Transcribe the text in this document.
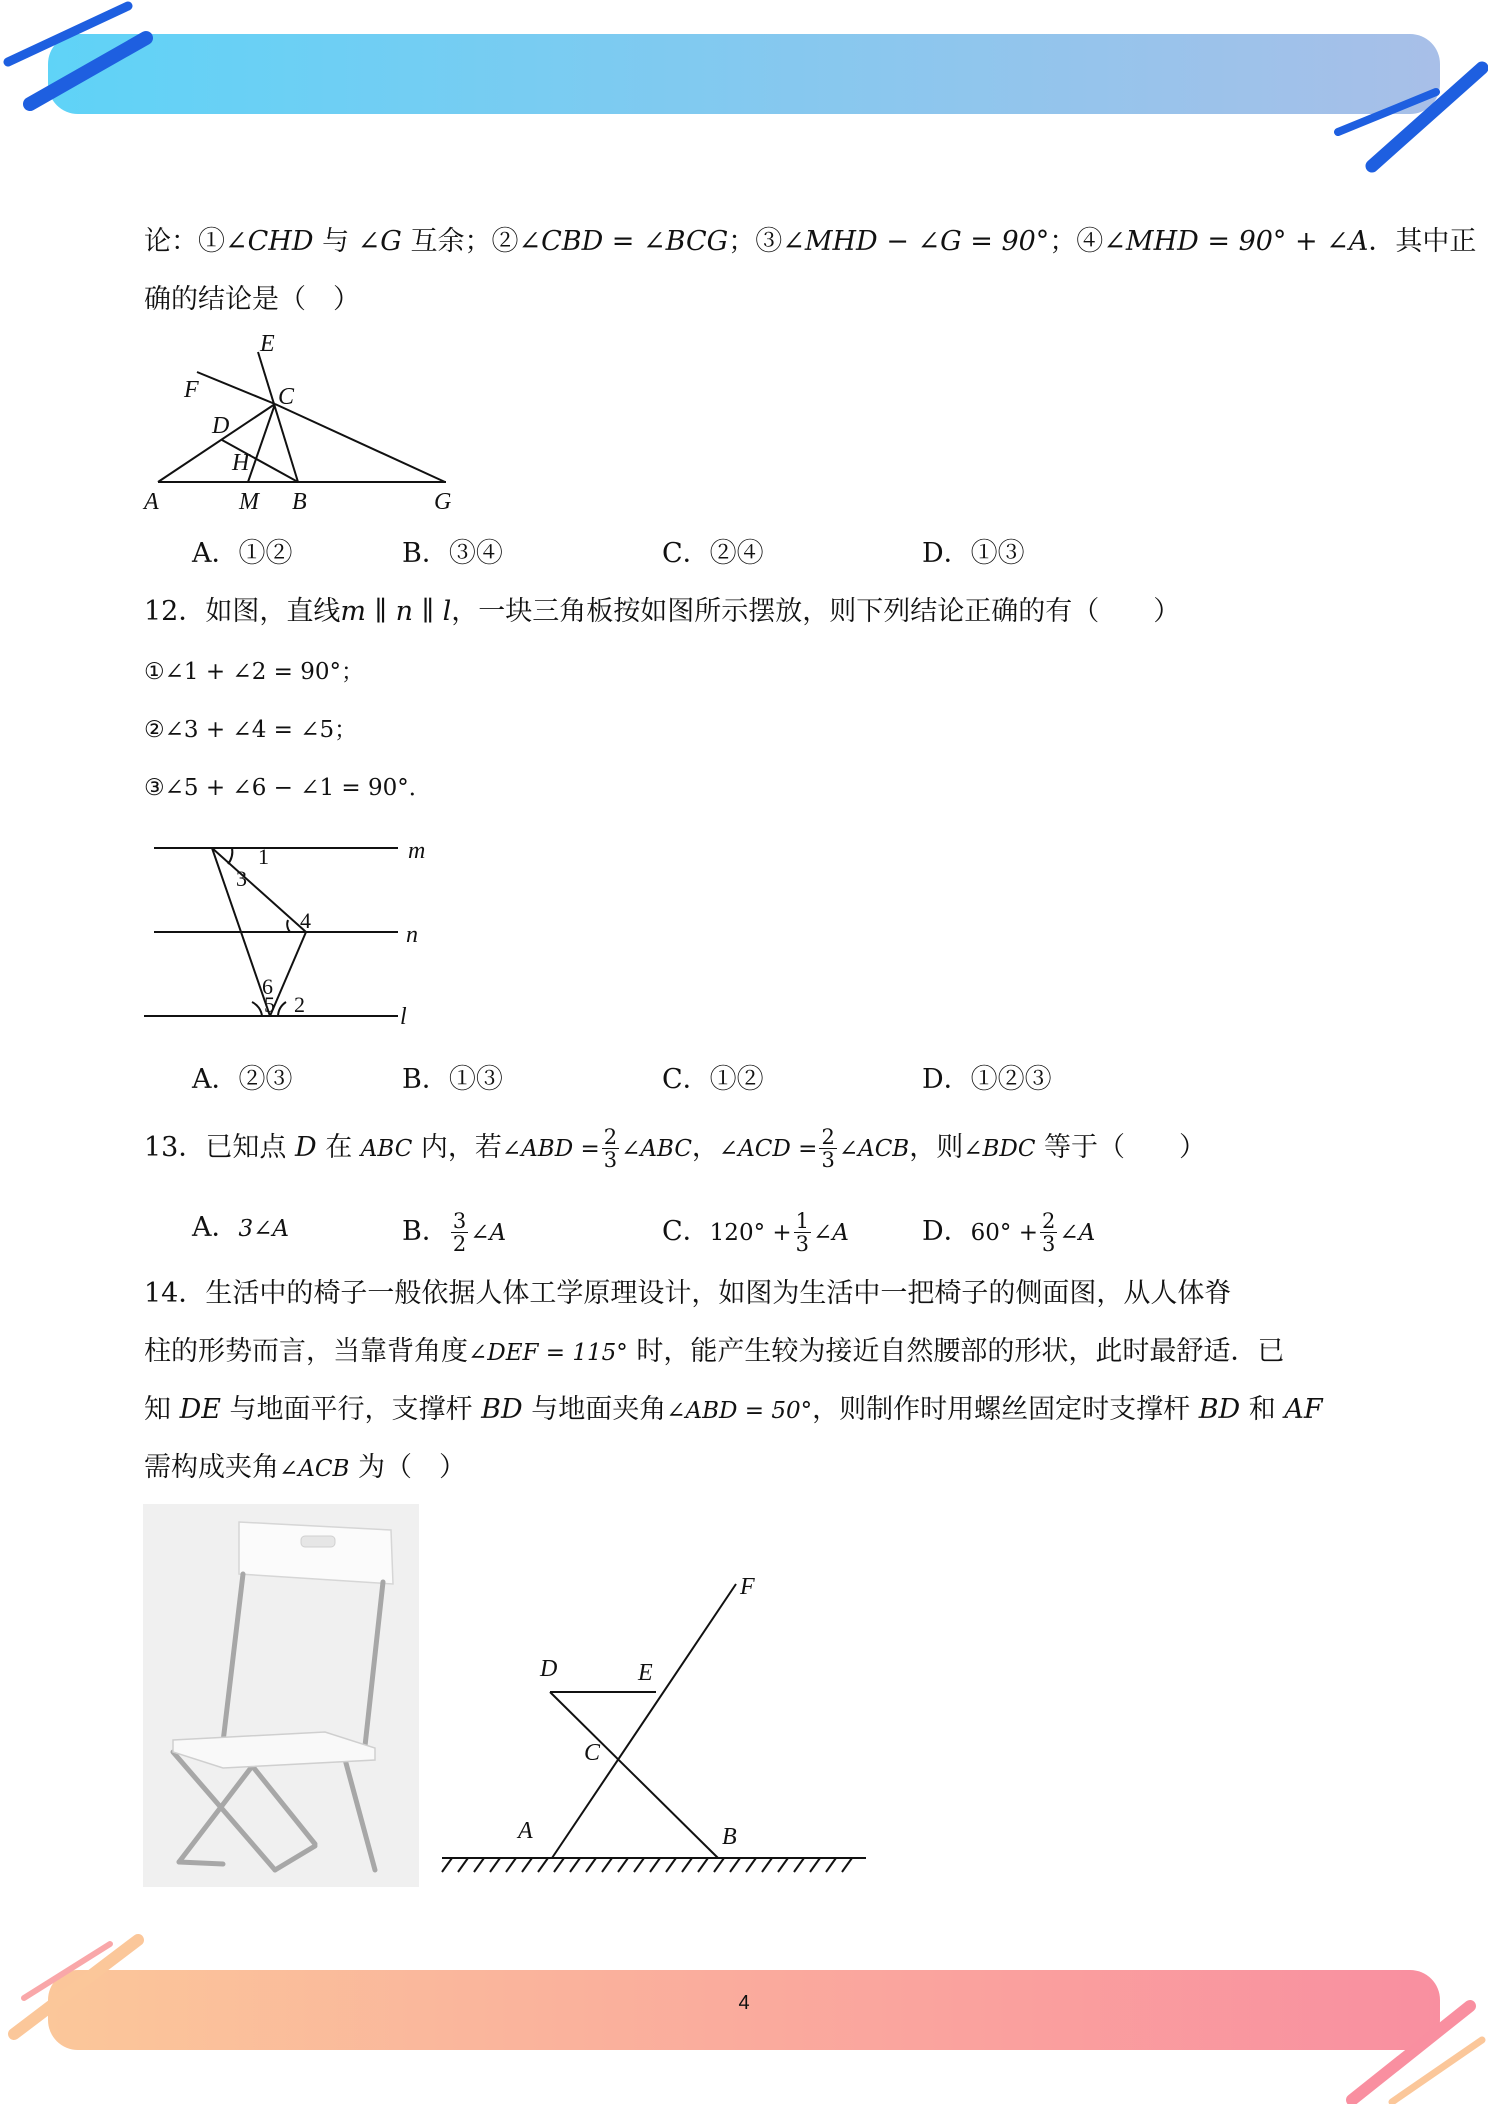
4
论：①∠CHD 与 ∠G 互余；②∠CBD = ∠BCG；③∠MHD − ∠G = 90°；④∠MHD = 90° + ∠A．其中正
确的结论是（　）
E
F	C
D
H
A	M B	G
A．①②	B．③④	C．②④	D．①③
12．如图，直线m ∥ n ∥ l，一块三角板按如图所示摆放，则下列结论正确的有（　　）
①∠1 + ∠2 = 90°；
②∠3 + ∠4 = ∠5；
③∠5 + ∠6 − ∠1 = 90°．
1
3
4
6
5 2
m
n
l
A．②③	B．①③	C．①②	D．①②③
13．已知点 D 在 ABC 内，若∠ABD = $\frac{2}{3}$ ∠ABC，∠ACD = $\frac{2}{3}$ ∠ACB，则∠BDC 等于（　　）
A．3∠A	B． $\frac{3}{2}$ ∠A	C．$120^\circ + \frac{1}{3}$ ∠A	D．$60^\circ + \frac{2}{3}$ ∠A
14．生活中的椅子一般依据人体工学原理设计，如图为生活中一把椅子的侧面图，从人体脊
柱的形势而言，当靠背角度∠DEF = 115° 时，能产生较为接近自然腰部的形状，此时最舒适．已
知 DE 与地面平行，支撑杆 BD 与地面夹角∠ABD = 50°，则制作时用螺丝固定时支撑杆 BD 和 AF
需构成夹角∠ACB 为（　）
F
D	E
C
A	B
